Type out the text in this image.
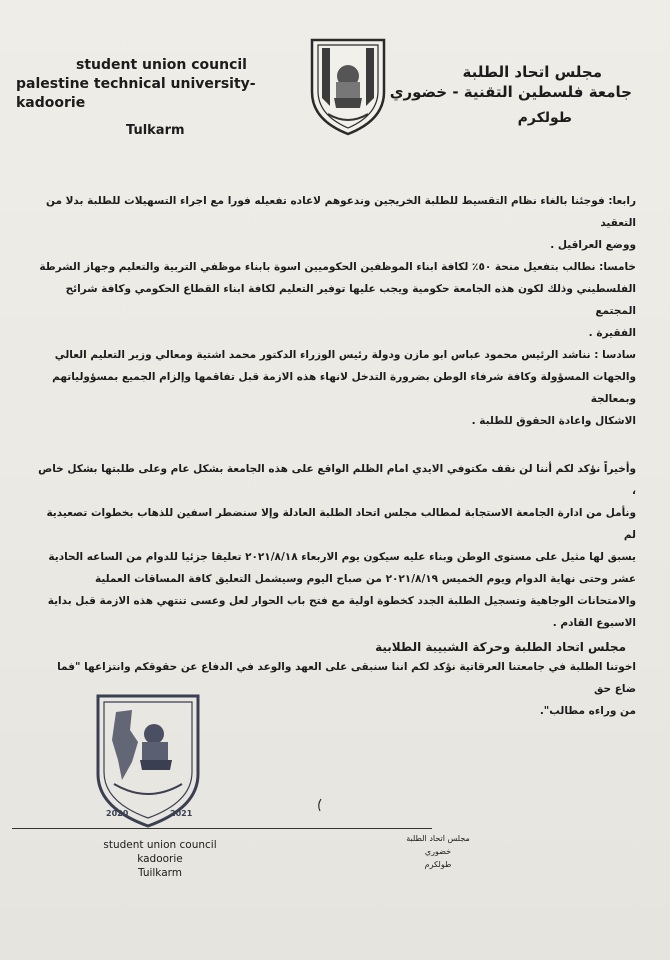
student union council
palestine technical university- kadoorie
Tulkarm
مجلس اتحاد الطلبة
جامعة فلسطين التقنية - خضوري
طولكرم

رابعا: فوجئنا بالغاء نظام التقسيط للطلبة الخريجين وندعوهم لاعاده تفعيله فورا مع اجراء التسهيلات للطلبة بدلا من التعقيد

ووضع العراقيل .

خامسا: نطالب بتفعيل منحة ٥٠٪ لكافة ابناء الموظفين الحكوميين اسوة بابناء موظفي التربية والتعليم وجهاز الشرطة

الفلسطيني وذلك لكون هذه الجامعة حكومية ويجب عليها توفير التعليم لكافة ابناء القطاع الحكومي وكافة شرائح المجتمع

الفقيرة .

سادسا : نناشد الرئيس محمود عباس ابو مازن ودولة رئيس الوزراء الدكتور محمد اشتية ومعالي وزير التعليم العالي

والجهات المسؤولة وكافة شرفاء الوطن بضرورة التدخل لانهاء هذه الازمة قبل تفاقمها وإلزام الجميع بمسؤولياتهم وبمعالجة

الاشكال واعادة الحقوق للطلبة .

وأخيراً نؤكد لكم أننا لن نقف مكتوفي الايدي امام الظلم الواقع على هذه الجامعة بشكل عام وعلى طلبتها بشكل خاص ،

ونأمل من ادارة الجامعة الاستجابة لمطالب مجلس اتحاد الطلبة العادلة وإلا سنضطر اسفين للذهاب بخطوات تصعيدية لم

يسبق لها مثيل على مستوى الوطن وبناء عليه سيكون يوم الاربعاء ٢٠٢١/٨/١٨ تعليقا جزئيا للدوام من الساعه الحادية

عشر وحتى نهاية الدوام ويوم الخميس ٢٠٢١/٨/١٩ من صباح اليوم وسيشمل التعليق كافة المساقات العملية

والامتحانات الوجاهية وتسجيل الطلبة الجدد كخطوة اولية مع فتح باب الحوار لعل وعسى تنتهي هذه الازمة قبل بداية

الاسبوع القادم .

اخوتنا الطلبة في جامعتنا العرقاتية نؤكد لكم اننا سنبقى على العهد والوعد في الدفاع عن حقوقكم وانتزاعها "فما ضاع حق

من وراءه مطالب".

مجلس اتحاد الطلبة وحركة الشبيبة الطلابية
2020	2021
student union council
kadoorie
Tuilkarm
مجلس اتحاد الطلبة
خضوري
طولكرم
